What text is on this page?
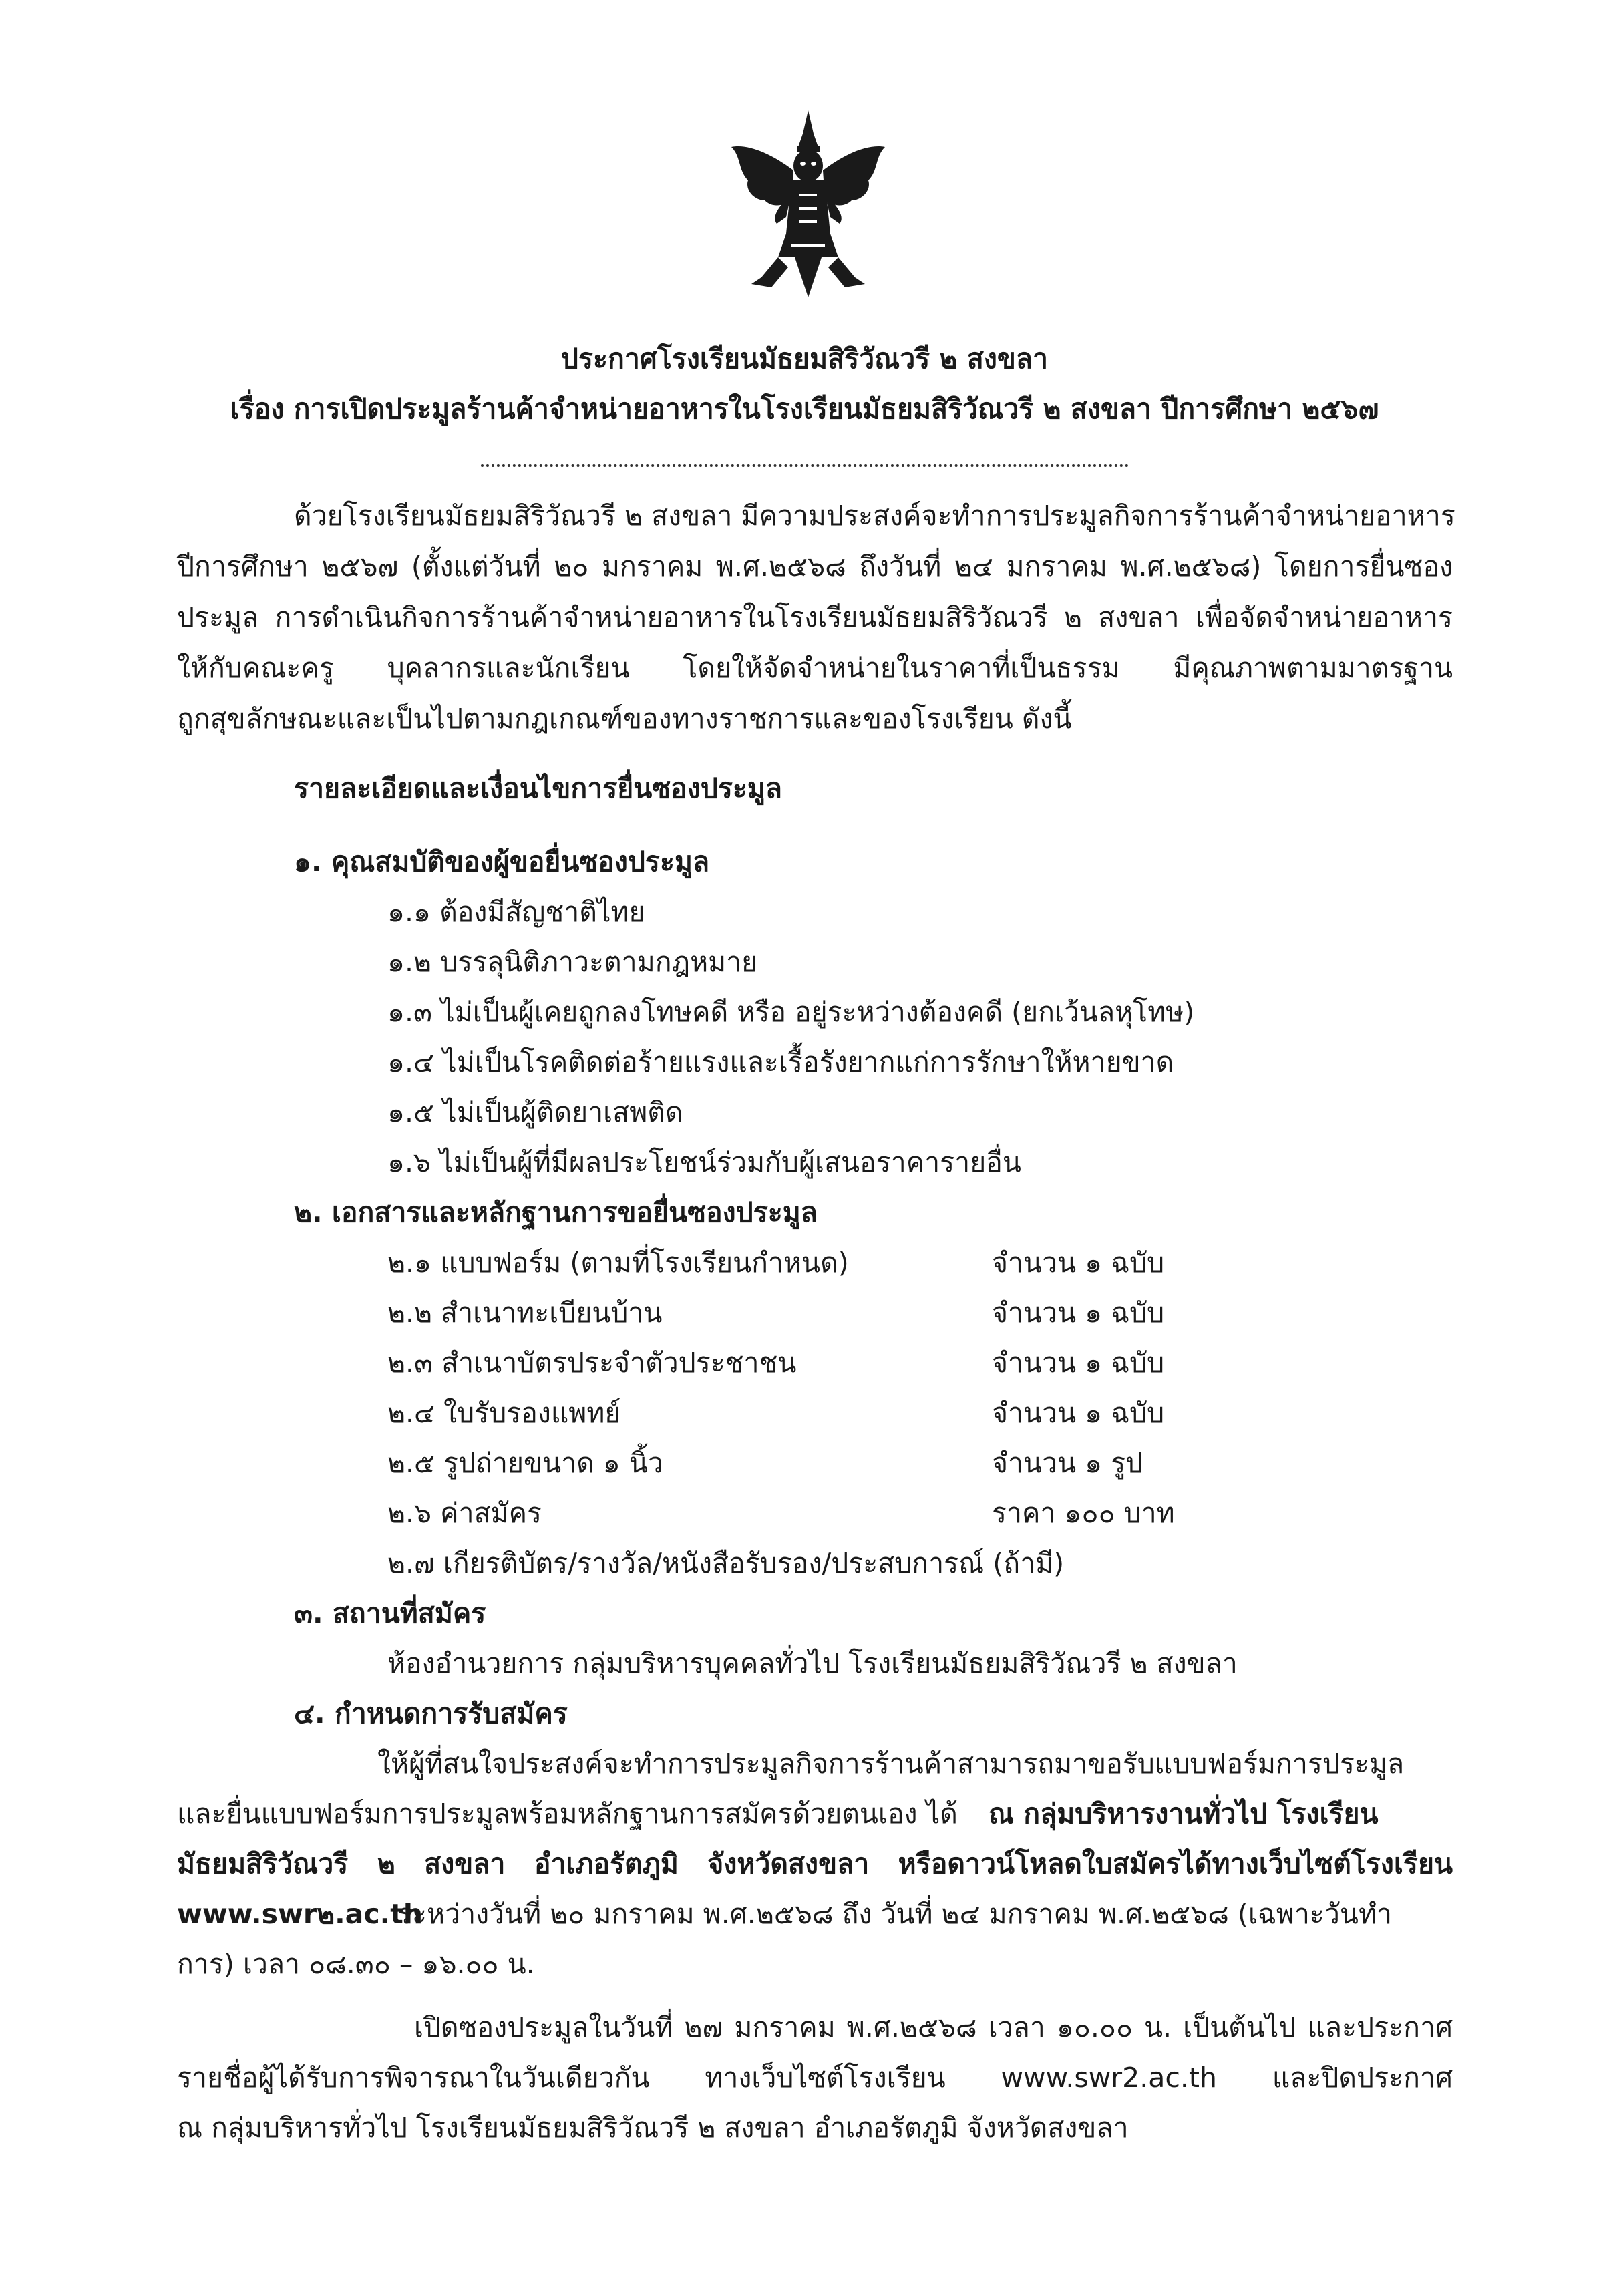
ประกาศโรงเรียนมัธยมสิริวัณวรี ๒ สงขลา
เรื่อง การเปิดประมูลร้านค้าจำหน่ายอาหารในโรงเรียนมัธยมสิริวัณวรี ๒ สงขลา ปีการศึกษา ๒๕๖๗
ด้วยโรงเรียนมัธยมสิริวัณวรี ๒ สงขลา มีความประสงค์จะทำการประมูลกิจการร้านค้าจำหน่ายอาหาร
ปีการศึกษา ๒๕๖๗ (ตั้งแต่วันที่ ๒๐ มกราคม พ.ศ.๒๕๖๘ ถึงวันที่ ๒๔ มกราคม พ.ศ.๒๕๖๘) โดยการยื่นซอง
ประมูล การดำเนินกิจการร้านค้าจำหน่ายอาหารในโรงเรียนมัธยมสิริวัณวรี ๒ สงขลา เพื่อจัดจำหน่ายอาหาร
ให้กับคณะครู บุคลากรและนักเรียน โดยให้จัดจำหน่ายในราคาที่เป็นธรรม มีคุณภาพตามมาตรฐาน
ถูกสุขลักษณะและเป็นไปตามกฎเกณฑ์ของทางราชการและของโรงเรียน ดังนี้
รายละเอียดและเงื่อนไขการยื่นซองประมูล
๑. คุณสมบัติของผู้ขอยื่นซองประมูล
๑.๑ ต้องมีสัญชาติไทย
๑.๒ บรรลุนิติภาวะตามกฎหมาย
๑.๓ ไม่เป็นผู้เคยถูกลงโทษคดี หรือ อยู่ระหว่างต้องคดี (ยกเว้นลหุโทษ)
๑.๔ ไม่เป็นโรคติดต่อร้ายแรงและเรื้อรังยากแก่การรักษาให้หายขาด
๑.๕ ไม่เป็นผู้ติดยาเสพติด
๑.๖ ไม่เป็นผู้ที่มีผลประโยชน์ร่วมกับผู้เสนอราคารายอื่น
๒. เอกสารและหลักฐานการขอยื่นซองประมูล
๒.๑ แบบฟอร์ม (ตามที่โรงเรียนกำหนด)	จำนวน ๑ ฉบับ
๒.๒ สำเนาทะเบียนบ้าน	จำนวน ๑ ฉบับ
๒.๓ สำเนาบัตรประจำตัวประชาชน	จำนวน ๑ ฉบับ
๒.๔ ใบรับรองแพทย์	จำนวน ๑ ฉบับ
๒.๕ รูปถ่ายขนาด ๑ นิ้ว	จำนวน ๑ รูป
๒.๖ ค่าสมัคร	ราคา ๑๐๐ บาท
๒.๗ เกียรติบัตร/รางวัล/หนังสือรับรอง/ประสบการณ์ (ถ้ามี)
๓. สถานที่สมัคร
ห้องอำนวยการ กลุ่มบริหารบุคคลทั่วไป โรงเรียนมัธยมสิริวัณวรี ๒ สงขลา
๔. กำหนดการรับสมัคร
ให้ผู้ที่สนใจประสงค์จะทำการประมูลกิจการร้านค้าสามารถมาขอรับแบบฟอร์มการประมูล
และยื่นแบบฟอร์มการประมูลพร้อมหลักฐานการสมัครด้วยตนเอง ได้ ณ กลุ่มบริหารงานทั่วไป โรงเรียน
มัธยมสิริวัณวรี ๒ สงขลา อำเภอรัตภูมิ จังหวัดสงขลา หรือดาวน์โหลดใบสมัครได้ทางเว็บไซต์โรงเรียน
www.swr๒.ac.th
ระหว่างวันที่ ๒๐ มกราคม พ.ศ.๒๕๖๘ ถึง วันที่ ๒๔ มกราคม พ.ศ.๒๕๖๘ (เฉพาะวันทำ
การ) เวลา ๐๘.๓๐ – ๑๖.๐๐ น.
เปิดซองประมูลในวันที่ ๒๗ มกราคม พ.ศ.๒๕๖๘ เวลา ๑๐.๐๐ น. เป็นต้นไป และประกาศ
รายชื่อผู้ได้รับการพิจารณาในวันเดียวกัน ทางเว็บไซต์โรงเรียน www.swr2.ac.th และปิดประกาศ
ณ กลุ่มบริหารทั่วไป โรงเรียนมัธยมสิริวัณวรี ๒ สงขลา อำเภอรัตภูมิ จังหวัดสงขลา
